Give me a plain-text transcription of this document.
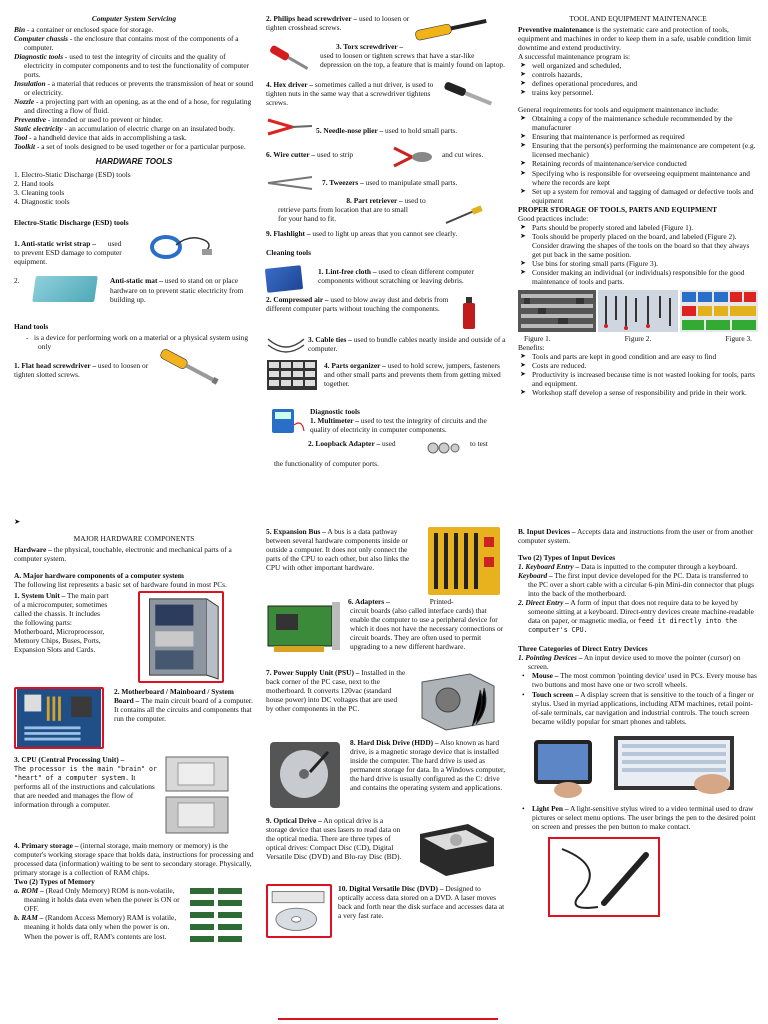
Computer System Servicing
Bin - a container or enclosed space for storage.
Computer chassis - the enclosure that contains most of the components of a computer.
Diagnostic tools - used to test the integrity of circuits and the quality of electricity in computer components and to test the functionality of computer ports.
Insulation - a material that reduces or prevents the transmission of heat or sound or electricity.
Nozzle - a projecting part with an opening, as at the end of a hose, for regulating and directing a flow of fluid.
Preventive - intended or used to prevent or hinder.
Static electricity - an accumulation of electric charge on an insulated body.
Tool - a handheld device that aids in accomplishing a task.
Toolkit - a set of tools designed to be used together or for a particular purpose.
HARDWARE TOOLS
1. Electro-Static Discharge (ESD) tools
2. Hand tools
3. Cleaning tools
4. Diagnostic tools
Electro-Static Discharge (ESD) tools
1. Anti-static wrist strap – used to prevent ESD damage to computer equipment.
2.	Anti-static mat – used to stand on or place hardware on to prevent static electricity from building up.
Hand tools
-   is a device for performing work on a material or a physical system using only
1. Flat head screwdriver – used to loosen or tighten slotted screws.
2. Philips head screwdriver – used to loosen or tighten crosshead screws.
3. Torx screwdriver –
used to loosen or tighten screws that have a star-like depression on the top, a feature that is mainly found on laptop.
4. Hex driver – sometimes called a nut driver, is used to tighten nuts in the same way that a screwdriver tightens screws.
5. Needle-nose plier – used to hold small parts.
6. Wire cutter – used to strip	and cut wires.
7. Tweezers – used to manipulate small parts.
8. Part retriever – used to
retrieve parts from location that are to small for your hand to fit.
9. Flashlight – used to light up areas that you cannot see clearly.
Cleaning tools
1. Lint-free cloth – used to clean different computer components without scratching or leaving debris.
2. Compressed air – used to blow away dust and debris from different computer parts without touching the components.
3. Cable ties – used to bundle cables neatly inside and outside of a computer.
4. Parts organizer – used to hold screw, jumpers, fasteners and other small parts and prevents them from getting mixed together.
Diagnostic tools
1. Multimeter – used to test the integrity of circuits and the quality of electricity in computer components.
2. Loopback Adapter – used	to test
the functionality of computer ports.
TOOL AND EQUIPMENT MAINTENANCE
Preventive maintenance is the systematic care and protection of tools, equipment and machines in order to keep them in a safe, usable condition limit downtime and extend productivity.
A successful maintenance program is:
➤ well organized and scheduled,
➤ controls hazards,
➤ defines operational procedures, and
➤ trains key personnel.
General requirements for tools and equipment maintenance include:
➤ Obtaining a copy of the maintenance schedule recommended by the manufacturer
➤ Ensuring that maintenance is performed as required
➤ Ensuring that the person(s) performing the maintenance are competent (e.g. licensed mechanic)
➤ Retaining records of maintenance/service conducted
➤ Specifying who is responsible for overseeing equipment maintenance and where the records are kept
➤ Set up a system for removal and tagging of damaged or defective tools and equipment
PROPER STORAGE OF TOOLS, PARTS AND EQUIPMENT
Good practices include:
➤ Parts should be properly stored and labeled (Figure 1).
➤ Tools should be properly placed on the board, and labeled (Figure 2). Consider drawing the shapes of the tools on the board so that they always get put back in the same position.
➤ Use bins for storing small parts (Figure 3).
➤ Consider making an individual (or individuals) responsible for the good maintenance of tools and parts.
Figure 1.	Figure 2.	Figure 3.
Benefits:
➤ Tools and parts are kept in good condition and are easy to find
➤ Costs are reduced.
➤ Productivity is increased because time is not wasted looking for tools, parts and equipment.
➤ Workshop staff develop a sense of responsibility and pride in their work.
➤
MAJOR HARDWARE COMPONENTS
Hardware – the physical, touchable, electronic and mechanical parts of a computer system.
A. Major hardware components of a computer system
The following list represents a basic set of hardware found in most PCs.
1. System Unit – The main part of a microcomputer, sometimes called the chassis. It includes the following parts: Motherboard, Microprocessor, Memory Chips, Buses, Ports, Expansion Slots and Cards.
2. Motherboard / Mainboard / System Board – The main circuit board of a computer. It contains all the circuits and components that run the computer.
3. CPU (Central Processing Unit) –
The processor is the main "brain" or "heart" of a computer system. It performs all of the instructions and calculations that are needed and manages the flow of information through a computer.
4. Primary storage – (internal storage, main memory or memory) is the computer's working storage space that holds data, instructions for processing and processed data (information) waiting to be sent to secondary storage. Physically, primary storage is a collection of RAM chips.
Two (2) Types of Memory
a. ROM – (Read Only Memory) ROM is non-volatile, meaning it holds data even when the power is ON or OFF.
b. RAM – (Random Access Memory) RAM is volatile, meaning it holds data only when the power is on. When the power is off, RAM's contents are lost.
5. Expansion Bus – A bus is a data pathway between several hardware components inside or outside a computer. It does not only connect the parts of the CPU to each other, but also links the CPU with other important hardware.
6. Adapters –	Printed-
circuit boards (also called interface cards) that enable the computer to use a peripheral device for which it does not have the necessary connections or circuit boards. They are often used to permit upgrading to a new different hardware.
7. Power Supply Unit (PSU) – Installed in the back corner of the PC case, next to the motherboard. It converts 120vac (standard house power) into DC voltages that are used by other components in the PC.
8. Hard Disk Drive (HDD) – Also known as hard drive, is a magnetic storage device that is installed inside the computer. The hard drive is used as permanent storage for data. In a Windows computer, the hard drive is usually configured as the C: drive and contains the operating system and applications.
9. Optical Drive – An optical drive is a storage device that uses lasers to read data on the optical media. There are three types of optical drives: Compact Disc (CD), Digital Versatile Disc (DVD) and Blu-ray Disc (BD).
10. Digital Versatile Disc (DVD) – Designed to optically access data stored on a DVD. A laser moves back and forth near the disk surface and accesses data at a very fast rate.
B. Input Devices – Accepts data and instructions from the user or from another computer system.
Two (2) Types of Input Devices
1. Keyboard Entry – Data is inputted to the computer through a keyboard.
Keyboard – The first input device developed for the PC. Data is transferred to the PC over a short cable with a circular 6-pin Mini-din connector that plugs into the back of the motherboard.
2. Direct Entry – A form of input that does not require data to be keyed by someone sitting at a keyboard. Direct-entry devices create machine-readable data on paper, or magnetic media, or feed it directly into the computer's CPU.
Three Categories of Direct Entry Devices
1. Pointing Devices – An input device used to move the pointer (cursor) on screen.
• Mouse – The most common 'pointing device' used in PCs. Every mouse has two buttons and most have one or two scroll wheels.
• Touch screen – A display screen that is sensitive to the touch of a finger or stylus. Used in myriad applications, including ATM machines, retail point-of-sale terminals, car navigation and industrial controls. The touch screen became wildly popular for smart phones and tablets.
• Light Pen – A light-sensitive stylus wired to a video terminal used to draw pictures or select menu options. The user brings the pen to the desired point on screen and presses the pen button to make contact.
